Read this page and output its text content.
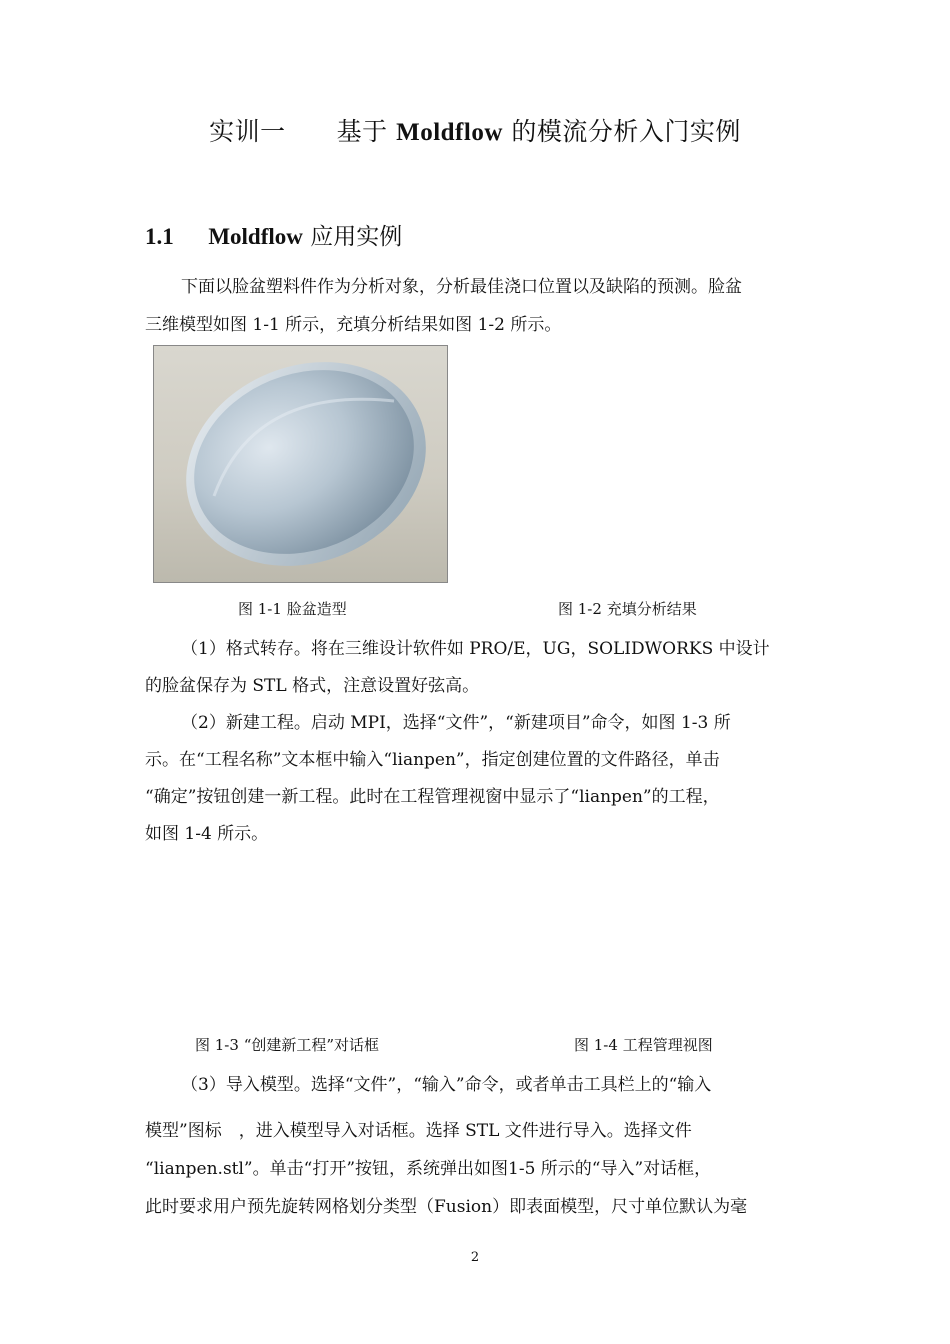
实训一　　基于 Moldflow 的模流分析入门实例
1.1 Moldflow 应用实例
下面以脸盆塑料件作为分析对象，分析最佳浇口位置以及缺陷的预测。脸盆
三维模型如图 1-1 所示，充填分析结果如图 1-2 所示。
图 1-1 脸盆造型	图 1-2 充填分析结果
（1）格式转存。将在三维设计软件如 PRO/E，UG，SOLIDWORKS 中设计
的脸盆保存为 STL 格式，注意设置好弦高。
（2）新建工程。启动 MPI，选择“文件”，“新建项目”命令，如图 1-3 所
示。在“工程名称”文本框中输入“lianpen”，指定创建位置的文件路径，单击
“确定”按钮创建一新工程。此时在工程管理视窗中显示了“lianpen”的工程，
如图 1-4 所示。
图 1-3 “创建新工程”对话框	图 1-4 工程管理视图
（3）导入模型。选择“文件”，“输入”命令，或者单击工具栏上的“输入
模型”图标　，进入模型导入对话框。选择 STL 文件进行导入。选择文件
“lianpen.stl”。单击“打开”按钮，系统弹出如图1-5 所示的“导入”对话框，
此时要求用户预先旋转网格划分类型（Fusion）即表面模型，尺寸单位默认为毫
2
